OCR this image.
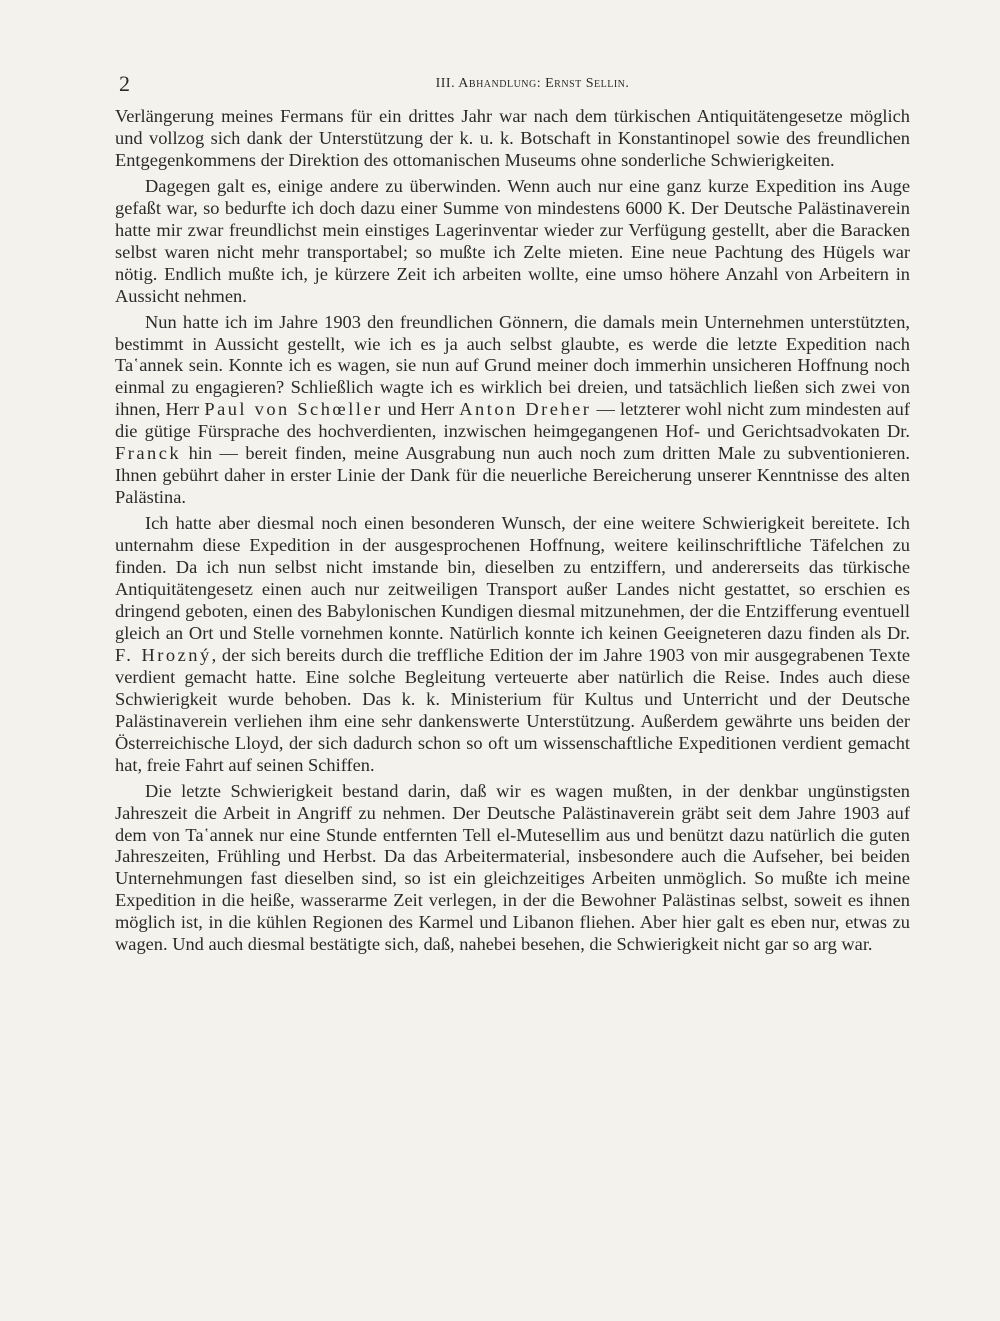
2	III. Abhandlung: Ernst Sellin.

Verlängerung meines Fermans für ein drittes Jahr war nach dem türkischen Antiquitätengesetze möglich und vollzog sich dank der Unterstützung der k. u. k. Botschaft in Konstantinopel sowie des freundlichen Entgegenkommens der Direktion des ottomanischen Museums ohne sonderliche Schwierigkeiten.

Dagegen galt es, einige andere zu überwinden. Wenn auch nur eine ganz kurze Expedition ins Auge gefaßt war, so bedurfte ich doch dazu einer Summe von mindestens 6000 K. Der Deutsche Palästinaverein hatte mir zwar freundlichst mein einstiges Lagerinventar wieder zur Verfügung gestellt, aber die Baracken selbst waren nicht mehr transportabel; so mußte ich Zelte mieten. Eine neue Pachtung des Hügels war nötig. Endlich mußte ich, je kürzere Zeit ich arbeiten wollte, eine umso höhere Anzahl von Arbeitern in Aussicht nehmen.

Nun hatte ich im Jahre 1903 den freundlichen Gönnern, die damals mein Unternehmen unterstützten, bestimmt in Aussicht gestellt, wie ich es ja auch selbst glaubte, es werde die letzte Expedition nach Ta῾annek sein. Konnte ich es wagen, sie nun auf Grund meiner doch immerhin unsicheren Hoffnung noch einmal zu engagieren? Schließlich wagte ich es wirklich bei dreien, und tatsächlich ließen sich zwei von ihnen, Herr Paul von Schœller und Herr Anton Dreher — letzterer wohl nicht zum mindesten auf die gütige Fürsprache des hochverdienten, inzwischen heimgegangenen Hof- und Gerichtsadvokaten Dr. Franck hin — bereit finden, meine Ausgrabung nun auch noch zum dritten Male zu subventionieren. Ihnen gebührt daher in erster Linie der Dank für die neuerliche Bereicherung unserer Kenntnisse des alten Palästina.

Ich hatte aber diesmal noch einen besonderen Wunsch, der eine weitere Schwierigkeit bereitete. Ich unternahm diese Expedition in der ausgesprochenen Hoffnung, weitere keilinschriftliche Täfelchen zu finden. Da ich nun selbst nicht imstande bin, dieselben zu entziffern, und andererseits das türkische Antiquitätengesetz einen auch nur zeitweiligen Transport außer Landes nicht gestattet, so erschien es dringend geboten, einen des Babylonischen Kundigen diesmal mitzunehmen, der die Entzifferung eventuell gleich an Ort und Stelle vornehmen konnte. Natürlich konnte ich keinen Geeigneteren dazu finden als Dr. F. Hrozný, der sich bereits durch die treffliche Edition der im Jahre 1903 von mir ausgegrabenen Texte verdient gemacht hatte. Eine solche Begleitung verteuerte aber natürlich die Reise. Indes auch diese Schwierigkeit wurde behoben. Das k. k. Ministerium für Kultus und Unterricht und der Deutsche Palästinaverein verliehen ihm eine sehr dankenswerte Unterstützung. Außerdem gewährte uns beiden der Österreichische Lloyd, der sich dadurch schon so oft um wissenschaftliche Expeditionen verdient gemacht hat, freie Fahrt auf seinen Schiffen.

Die letzte Schwierigkeit bestand darin, daß wir es wagen mußten, in der denkbar ungünstigsten Jahreszeit die Arbeit in Angriff zu nehmen. Der Deutsche Palästinaverein gräbt seit dem Jahre 1903 auf dem von Ta῾annek nur eine Stunde entfernten Tell el-Mutesellim aus und benützt dazu natürlich die guten Jahreszeiten, Frühling und Herbst. Da das Arbeitermaterial, insbesondere auch die Aufseher, bei beiden Unternehmungen fast dieselben sind, so ist ein gleichzeitiges Arbeiten unmöglich. So mußte ich meine Expedition in die heiße, wasserarme Zeit verlegen, in der die Bewohner Palästinas selbst, soweit es ihnen möglich ist, in die kühlen Regionen des Karmel und Libanon fliehen. Aber hier galt es eben nur, etwas zu wagen. Und auch diesmal bestätigte sich, daß, nahebei besehen, die Schwierigkeit nicht gar so arg war.
